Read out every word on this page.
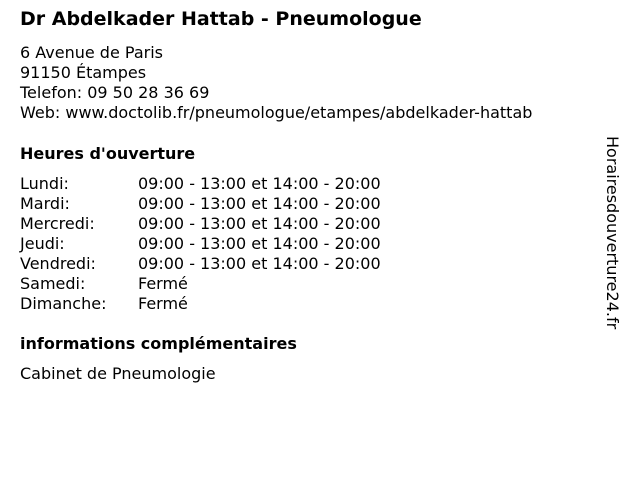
Dr Abdelkader Hattab - Pneumologue
6 Avenue de Paris
91150 Étampes
Telefon: 09 50 28 36 69
Web: www.doctolib.fr/pneumologue/etampes/abdelkader-hattab
Heures d'ouverture
Lundi:	09:00 - 13:00 et 14:00 - 20:00
Mardi:	09:00 - 13:00 et 14:00 - 20:00
Mercredi:	09:00 - 13:00 et 14:00 - 20:00
Jeudi:	09:00 - 13:00 et 14:00 - 20:00
Vendredi:	09:00 - 13:00 et 14:00 - 20:00
Samedi:	Fermé
Dimanche: Fermé
informations complémentaires
Cabinet de Pneumologie
Horairesdouverture24.fr
